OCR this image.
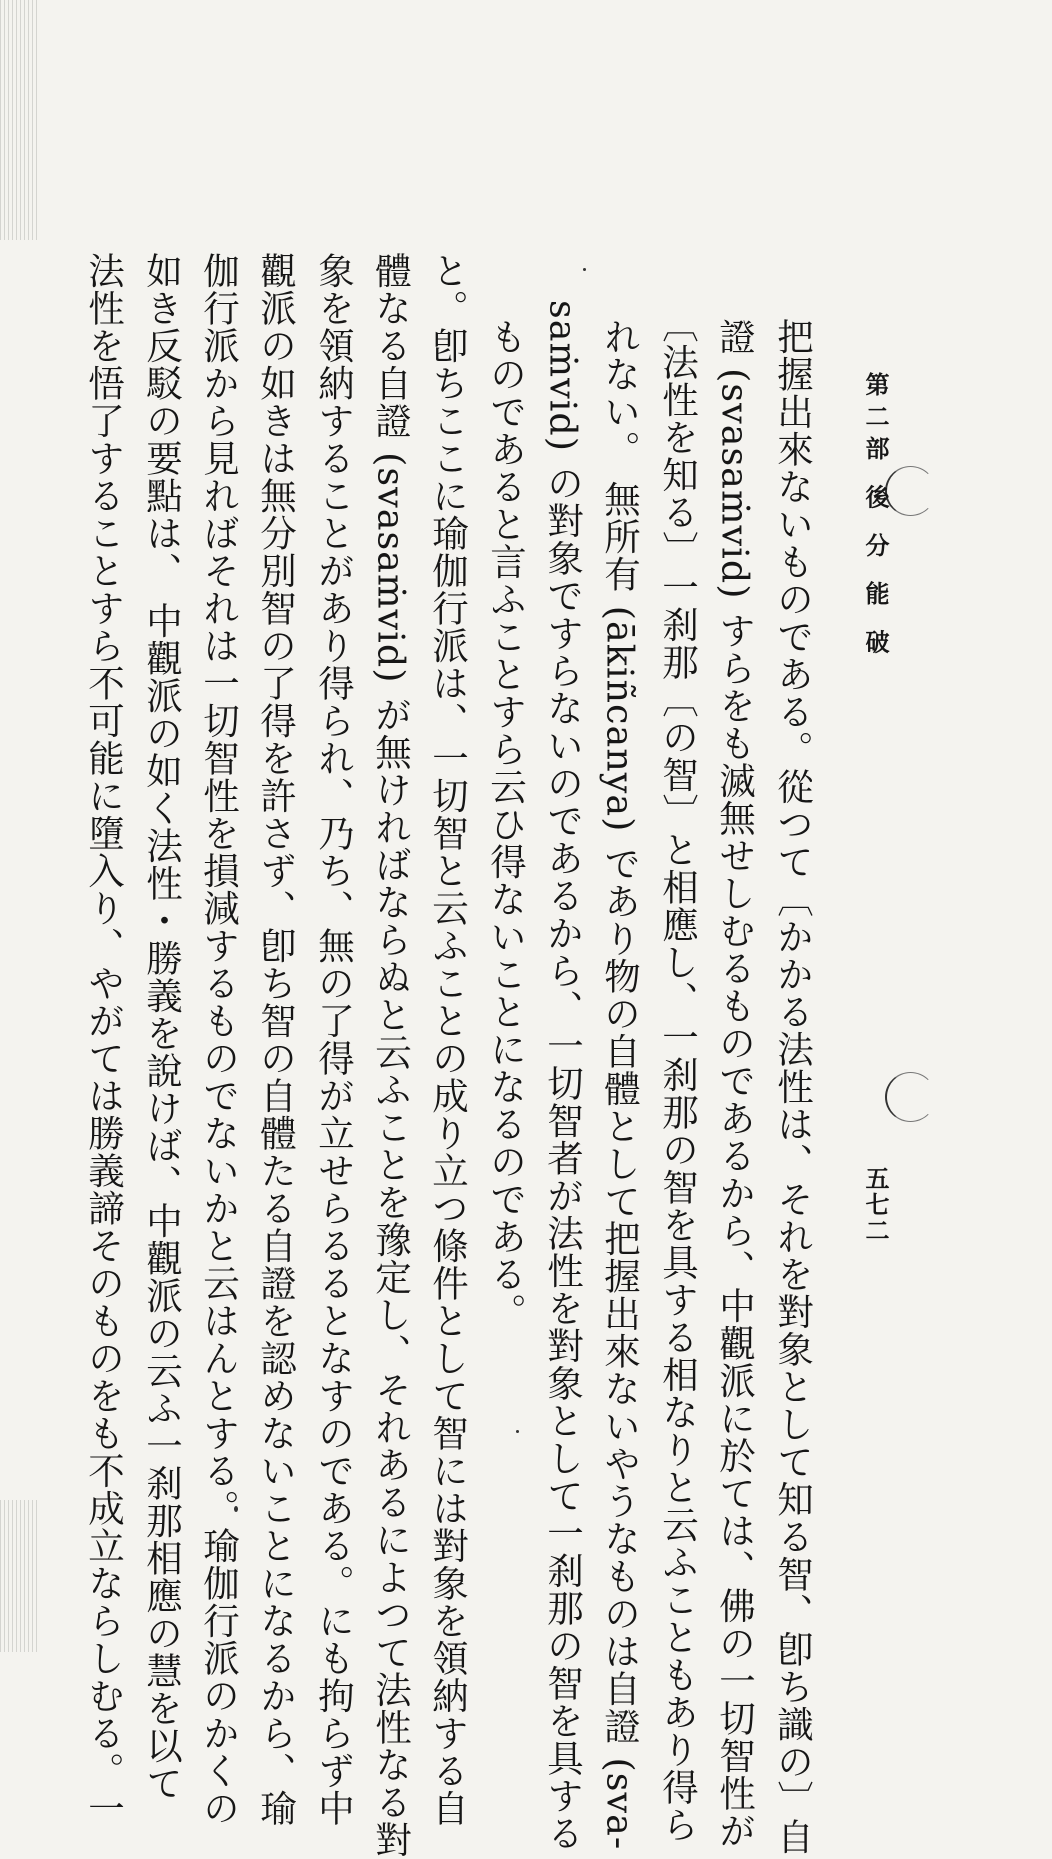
第二部 後 分 能 破
五七二
把握出來ないものである。從つて〔かかる法性は、それを對象として知る智、卽ち識の〕自
證 (svasaṁvid) すらをも滅無せしむるものであるから、中觀派に於ては、佛の一切智性が
〔法性を知る〕一刹那〔の智〕と相應し、一刹那の智を具する相なりと云ふこともあり得ら
れない。 無所有 (ākiñcanya) であり物の自體として把握出來ないやうなものは自證 (sva-
saṁvid) の對象ですらないのであるから、一切智者が法性を對象として一刹那の智を具する
ものであると言ふことすら云ひ得ないことになるのである。
と。卽ちここに瑜伽行派は、一切智と云ふことの成り立つ條件として智には對象を領納する自
體なる自證 (svasaṁvid) が無ければならぬと云ふことを豫定し、それあるによつて法性なる對
象を領納することがあり得られ、乃ち、無の了得が立せらるるとなすのである。にも拘らず中
觀派の如きは無分別智の了得を許さず、卽ち智の自體たる自證を認めないことになるから、瑜
伽行派から見ればそれは一切智性を損減するものでないかと云はんとする。瑜伽行派のかくの
如き反駁の要點は、 中觀派の如く法性・勝義を說けば、中觀派の云ふ一刹那相應の慧を以て
法性を悟了することすら不可能に墮入り、やがては勝義諦そのものをも不成立ならしむる。一
